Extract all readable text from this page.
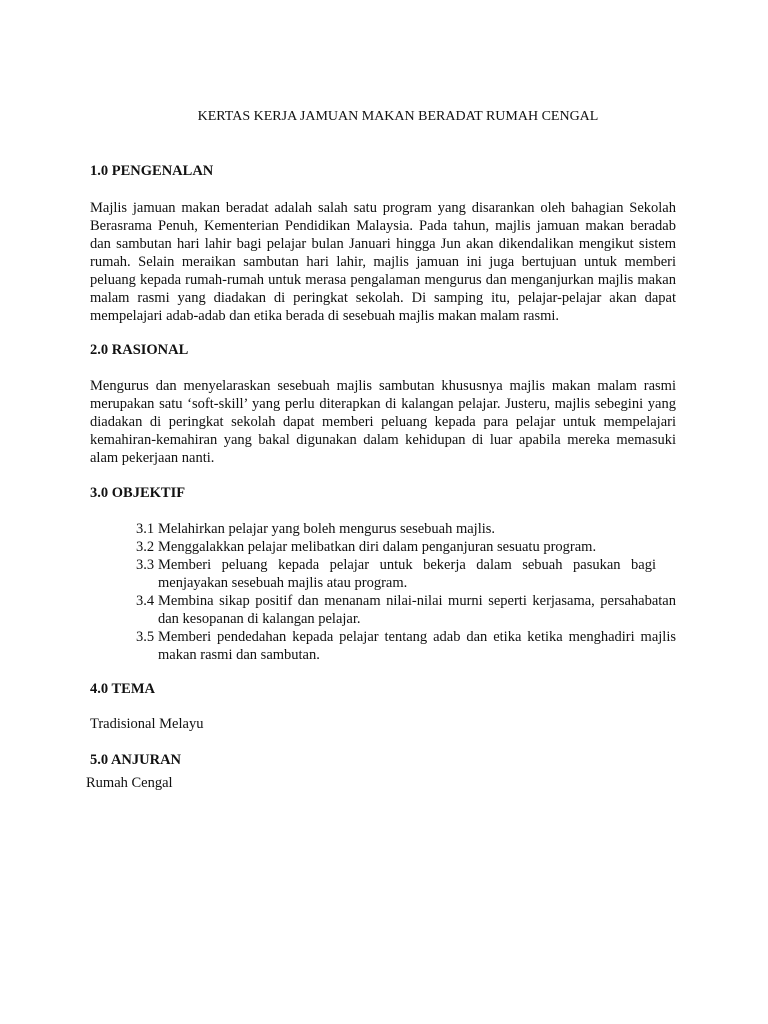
KERTAS KERJA JAMUAN MAKAN BERADAT RUMAH CENGAL
1.0 PENGENALAN

Majlis jamuan makan beradat adalah salah satu program yang disarankan oleh bahagian Sekolah Berasrama Penuh, Kementerian Pendidikan Malaysia. Pada tahun, majlis jamuan makan beradab dan sambutan hari lahir bagi pelajar bulan Januari hingga Jun akan dikendalikan mengikut sistem rumah. Selain meraikan sambutan hari lahir, majlis jamuan ini juga bertujuan untuk memberi peluang kepada rumah-rumah untuk merasa pengalaman mengurus dan menganjurkan majlis makan malam rasmi yang diadakan di peringkat sekolah. Di samping itu, pelajar-pelajar akan dapat mempelajari adab-adab dan etika berada di sesebuah majlis makan malam rasmi.

2.0 RASIONAL

Mengurus dan menyelaraskan sesebuah majlis sambutan khususnya majlis makan malam rasmi merupakan satu ‘soft-skill’ yang perlu diterapkan di kalangan pelajar. Justeru, majlis sebegini yang diadakan di peringkat sekolah dapat memberi peluang kepada para pelajar untuk mempelajari kemahiran-kemahiran yang bakal digunakan dalam kehidupan di luar apabila mereka memasuki alam pekerjaan nanti.

3.0 OBJEKTIF
3.1 Melahirkan pelajar yang boleh mengurus sesebuah majlis.
3.2 Menggalakkan pelajar melibatkan diri dalam penganjuran sesuatu program.
3.3 Memberi peluang kepada pelajar untuk bekerja dalam sebuah pasukan bagi menjayakan sesebuah majlis atau program.
3.4 Membina sikap positif dan menanam nilai-nilai murni seperti kerjasama, persahabatan dan kesopanan di kalangan pelajar.
3.5 Memberi pendedahan kepada pelajar tentang adab dan etika ketika menghadiri majlis makan rasmi dan sambutan.
4.0 TEMA
Tradisional Melayu
5.0 ANJURAN
Rumah Cengal
